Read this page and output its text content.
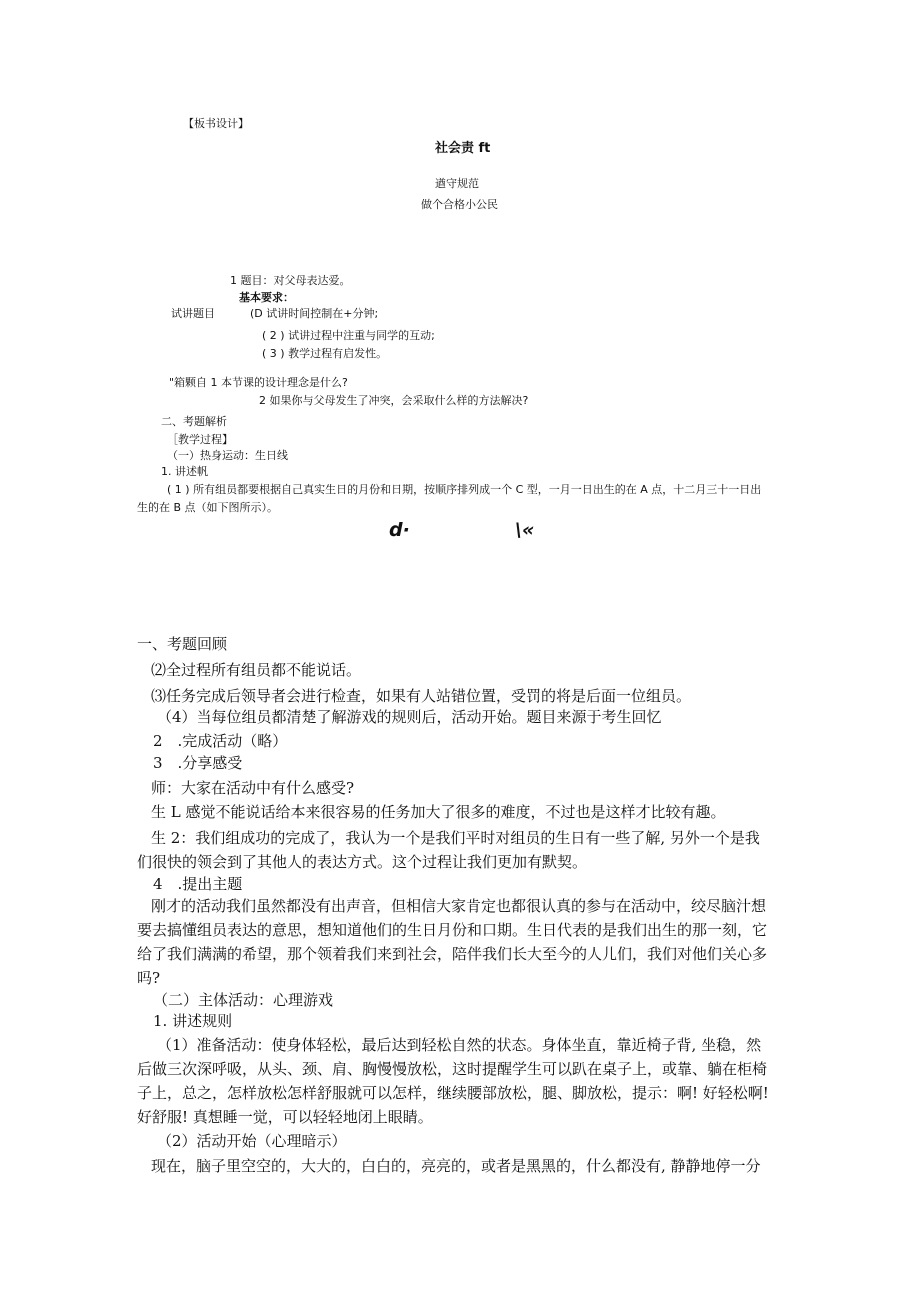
【板书设计】

社会责 ft

遒守规范

做个合格小公民

1 题目：对父母表达爱。

基本要求：

试讲题目	(D 试讲时间控制在+分钟;

( 2 ) 试讲过程中注重与同学的互动;

( 3 ) 教学过程有启发性。

"箱颗自 1 本节课的设计理念是什么?

2 如果你与父母发生了冲突，会采取什么样的方法解决?

二、考题解析

［教学过程】

（一）热身运动：生日线

1. 讲述帆

( 1 ) 所有组员都要根据自己真实生日的月份和日期，按顺序排列成一个 C 型，一月一日出生的在 A 点，十二月三十一日出

生的在 B 点（如下图所示）。

d·	\«

一、考题回顾

⑵全过程所有组员都不能说话。

⑶任务完成后领导者会进行检查，如果有人站错位置，受罚的将是后面一位组员。

（4）当每位组员都清楚了解游戏的规则后，活动开始。题目来源于考生回忆

2　.完成活动（略）

3　.分享感受

师：大家在活动中有什么感受?

生 L 感觉不能说话给本来很容易的任务加大了很多的难度，不过也是这样才比较有趣。

生 2：我们组成功的完成了，我认为一个是我们平时对组员的生日有一些了解, 另外一个是我

们很快的领会到了其他人的表达方式。这个过程让我们更加有默契。

4　.提出主题

刚才的活动我们虽然都没有出声音，但相信大家肯定也都很认真的参与在活动中，绞尽脑汁想

要去搞懂组员表达的意思，想知道他们的生日月份和口期。生日代表的是我们出生的那一刻，它

给了我们满满的希望，那个领着我们来到社会，陪伴我们长大至今的人儿们，我们对他们关心多

吗?

（二）主体活动：心理游戏

1. 讲述规则

（1）准备活动：使身体轻松，最后达到轻松自然的状态。身体坐直，靠近椅子背, 坐稳，然

后做三次深呼吸，从头、颈、肩、胸慢慢放松，这时提醒学生可以趴在桌子上，或靠、躺在柜椅

子上，总之，怎样放松怎样舒服就可以怎样，继续腰部放松，腿、脚放松，提示：啊! 好轻松啊!

好舒服! 真想睡一觉，可以轻轻地闭上眼睛。

（2）活动开始（心理暗示）

现在，脑子里空空的，大大的，白白的，亮亮的，或者是黑黑的，什么都没有, 静静地停一分
